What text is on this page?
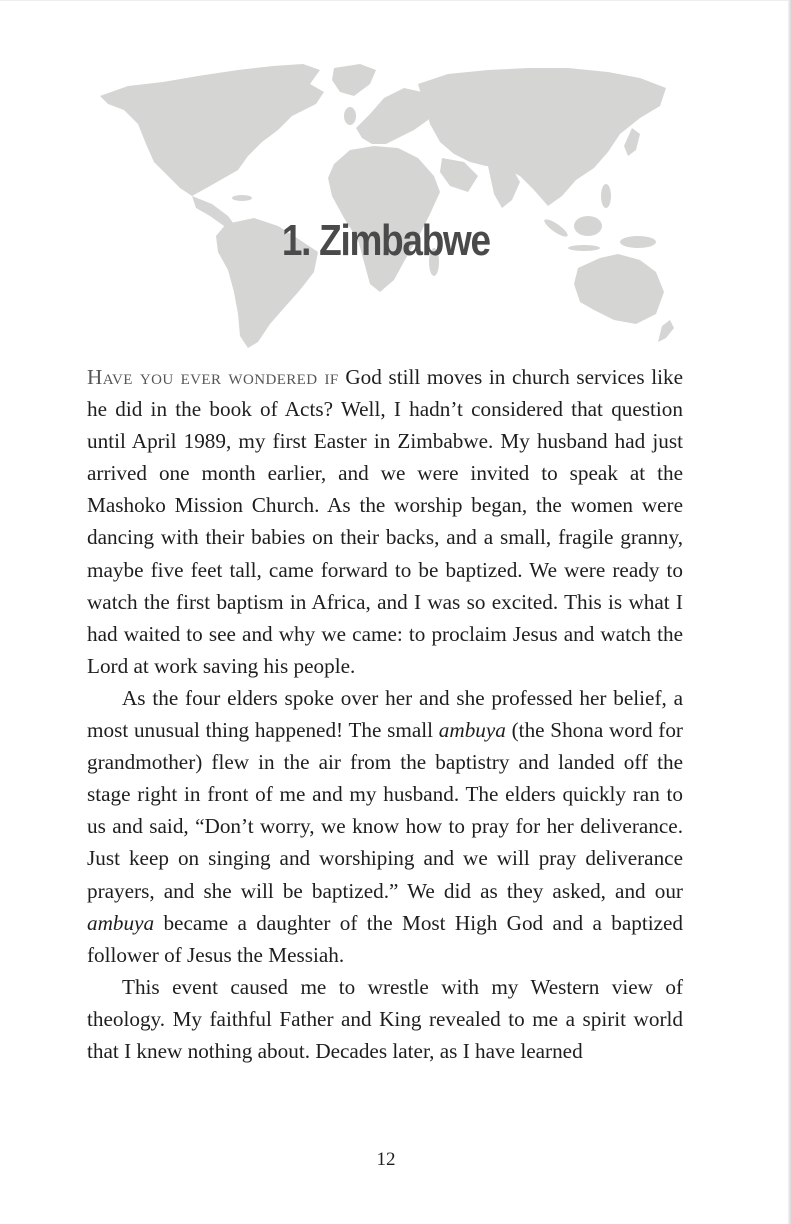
1. Zimbabwe

Have you ever wondered if God still moves in church services like he did in the book of Acts? Well, I hadn’t considered that question until April 1989, my first Easter in Zimbabwe. My husband had just arrived one month earlier, and we were invited to speak at the Mashoko Mission Church. As the worship began, the women were dancing with their babies on their backs, and a small, fragile granny, maybe five feet tall, came forward to be baptized. We were ready to watch the first baptism in Africa, and I was so excited. This is what I had waited to see and why we came: to proclaim Jesus and watch the Lord at work saving his people.

As the four elders spoke over her and she professed her belief, a most unusual thing happened! The small ambuya (the Shona word for grandmother) flew in the air from the baptistry and landed off the stage right in front of me and my husband. The elders quickly ran to us and said, “Don’t worry, we know how to pray for her deliverance. Just keep on singing and worshiping and we will pray deliverance prayers, and she will be baptized.” We did as they asked, and our ambuya became a daughter of the Most High God and a baptized follower of Jesus the Messiah.

This event caused me to wrestle with my Western view of theology. My faithful Father and King revealed to me a spirit world that I knew nothing about. Decades later, as I have learned

12
